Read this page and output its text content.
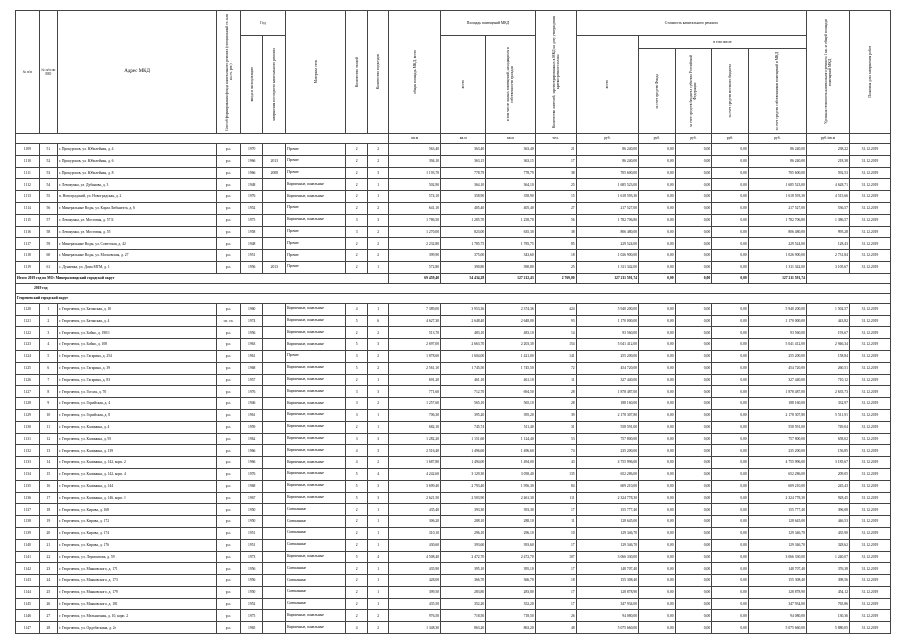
№ п/п	№ п/п по МО	Адрес МКД	Способ формирования фонда капитального ремонта (специальный сч. или на сч. рег.)	Год		Материал стен	Количество этажей	Количество подъездов	общая площадь МКД, всего	Площадь помещений МКД		Количество жителей, зарегистрированных в МКД на дату утверждения краткосрочного плана	Стоимость капитального ремонта					Удельная стоимость капитального ремонта 1 кв. м общей площади помещений МКД	Плановая дата завершения работ

				ввода в эксплуатацию	завершения последнего капитального ремонта					всего	в том числе жилых помещений, находящихся в собственности граждан		всего	в том числе					

														за счет средств Фонда	за счет средств бюджета субъекта Российской Федерации	за счет средств местного бюджета	за счет средств собственников помещений в МКД		

									кв.м	кв.м	кв.м	чел.	руб.	руб.	руб.	руб.	руб.	руб./кв.м	
1109	51	г. Прокурсков, ул. Юбилейная, д. 4	р.о.	1970		Прочие	2	2	563,40	363,40	363,40	21	86 240,00	0,00	0,00	0,00	86 240,00	238,22	31.12.2019
1110	52	г. Прокурсков, ул. Юбилейная, д. 6	р.о.	1966	2013	Прочие	2	2	394,10	363,15	363,15	17	86 240,00	0,00	0,00	0,00	86 240,00	218,38	31.12.2019
1111	53	г. Прокурсков, ул. Юбилейная, д. 8	р.о.	1966	2008	Прочие	2	3	1 193,70	778,79	778,79	38	705 600,00	0,00	0,00	0,00	705 600,00	592,53	31.12.2019
1112	54	г. Левокумка, ул. Дубянова, д. 3	р.о.	1948		Кирпичные, панельные	2	1	502,90	364,10	364,10	25	1 685 523,00	0,00	0,00	0,00	1 685 523,00	4 628,71	31.12.2019
1113	55	п. Новоградский, ул. Новоградская, д. 2	р.о.	1976		Кирпичные, панельные	2	1	574,10	358,90	358,90	15	1 618 593,30	0,00	0,00	0,00	1 618 593,30	4 515,66	31.12.2019
1114	56	г. Минеральные Воды, ул. Карла Либкнехта, д. 6	р.о.	1952		Прочие	2	2	641,10	405,40	405,40	27	217 527,00	0,00	0,00	0,00	217 527,00	536,57	31.12.2019
1115	57	г. Левокумка, ул. Мостовая, д. 57 Б	р.о.	1975		Кирпичные, панельные	3	3	1 786,50	1 285,70	1 258,70	56	1 782 706,80	0,00	0,00	0,00	1 782 706,80	1 386,57	31.12.2019
1116	58	г. Левокумка, ул. Мостовая, д. 55	р.о.	1958		Прочие	3	2	1 270,00	823,00	635,30	38	806 480,00	0,00	0,00	0,00	806 480,00	995,28	31.12.2019
1117	59	г. Минеральные Воды, ул. Советская, д. 42	р.о.	1948		Прочие	2	2	2 232,80	1 785,75	1 785,75	85	229 524,00	0,00	0,00	0,00	229 524,00	128,43	31.12.2019
1118	60	г. Минеральные Воды, ул. Московская, д. 27	р.о.	1951		Прочие	2	2	399,90	375,00	343,60	18	1 026 900,00	0,00	0,00	0,00	1 026 900,00	2 731,84	31.12.2019
1119	61	с. Дунаевка, ул. Дома МТМ, д. 1	р.о.	1956	2013	Прочие	2	1	572,80	390,80	390,80	25	1 311 342,00	0,00	0,00	0,00	1 311 342,00	3 105,67	31.12.2019
Итого 2019 год по МО: Минераловодский городской округ									69 459,40	54 434,28	127 212,43	2 769,00	127 211 591,74	0,00	0,00	0,00	127 211 591,74		
2019 год																			
Георгиевский городской округ																			
1120	1	г. Георгиевск, ул. Батакская, д. 10	р.о.	1960		Кирпичные, панельные	4	1	7 389,00	3 953,36	2 374,36	424	5 940 200,00	0,00	0,00	0,00	5 940 200,00	1 502,57	31.12.2019
1121	2	г. Георгиевск, ул. Батакская, д. 4	сп. сч.	1974		Кирпичные, панельные	5	6	4 627,30	2 648,40	2 648,00	93	1 170 000,00	0,00	0,00	0,00	1 170 000,00	443,82	31.12.2019
1122	3	г. Георгиевск, ул. Бойко, д. 190/1	р.о.	1956		Кирпичные, панельные	2	2	513,70	483,10	483,10	14	93 560,00	0,00	0,00	0,00	93 560,00	193,67	31.12.2019
1123	4	г. Георгиевск, ул. Бойко, д. 108	р.о.	1963		Кирпичные, панельные	5	3	2 697,00	2 663,70	2 203,30	154	5 041 412,00	0,00	0,00	0,00	5 041 412,00	2 946,34	31.12.2019
1124	5	г. Георгиевск, ул. Гагарина, д. 254	р.о.	1961		Прочие	3	2	1 878,60	1 604,00	1 421,00	141	255 200,00	0,00	0,00	0,00	255 200,00	158,84	31.12.2019
1125	6	г. Георгиевск, ул. Гагарина, д. 39	р.о.	1968		Кирпичные, панельные	5	2	2 561,10	1 745,50	1 745,50	72	454 720,00	0,00	0,00	0,00	454 720,00	260,51	31.12.2019
1126	7	г. Георгиевск, ул. Гагарина, д. 83	р.о.	1957		Кирпичные, панельные	2	1	691,20	461,10	461,10	11	327 440,00	0,00	0,00	0,00	327 440,00	710,12	31.12.2019
1127	8	г. Георгиевск, ул. Гоголя, д. 70	р.о.	1976		Кирпичные, панельные	3	3	771,60	712,70	694,50	28	1 878 487,00	0,00	0,00	0,00	1 878 487,00	2 635,73	31.12.2019
1128	9	г. Георгиевск, ул. Горийская, д. 4	р.о.	1946		Кирпичные, панельные	3	2	1 257,60	565,10	565,10	28	188 160,00	0,00	0,00	0,00	188 160,00	332,97	31.12.2019
1129	10	г. Георгиевск, ул. Горийская, д. 8	р.о.	1961		Кирпичные, панельные	3	1	706,30	395,20	395,20	39	2 178 307,80	0,00	0,00	0,00	2 178 307,80	5 511,91	31.12.2019
1130	11	г. Георгиевск, ул. Калинина, д. 4	р.о.	1959		Кирпичные, панельные	2	1	682,10	745,74	511,40	31	558 591,00	0,00	0,00	0,00	558 591,00	749,04	31.12.2019
1131	12	г. Георгиевск, ул. Калинина, д. 95	р.о.	1962		Кирпичные, панельные	3	3	1 282,20	1 151,60	1 124,40	53	757 800,00	0,00	0,00	0,00	757 800,00	658,02	31.12.2019
1132	13	г. Георгиевск, ул. Калинина, д. 139	р.о.	1966		Кирпичные, панельные	4	3	2 516,40	1 496,60	1 496,60	74	235 200,00	0,00	0,00	0,00	235 200,00	156,85	31.12.2019
1133	14	г. Георгиевск, ул. Калинина, д. 142, корп. 2	р.о.	1966		Кирпичные, панельные	4	2	1 687,80	1 494,00	1 494,00	43	4 755 996,00	0,00	0,00	0,00	4 755 996,00	3 185,67	31.12.2019
1134	15	г. Георгиевск, ул. Калинина, д. 142, корп. 4	р.о.	1976		Кирпичные, панельные	5	4	4 242,60	3 129,30	3 058,40	135	652 286,00	0,00	0,00	0,00	652 286,00	209,05	31.12.2019
1135	16	г. Георгиевск, ул. Калинина, д. 144	р.о.	1968		Кирпичные, панельные	5	3	3 699,40	2 793,40	1 956,30	84	609 210,00	0,00	0,00	0,00	609 210,00	245,43	31.12.2019
1136	17	г. Георгиевск, ул. Калинина, д. 146, корп. 1	р.о.	1967		Кирпичные, панельные	5	3	2 621,50	2 503,90	2 461,30	111	2 324 778,30	0,00	0,00	0,00	2 324 778,30	928,45	31.12.2019
1137	18	г. Георгиевск, ул. Кирова, д. 168	р.о.	1950		Смешанные	2	1	435,40	393,30	393,30	17	155 777,40	0,00	0,00	0,00	155 777,40	396,08	31.12.2019
1138	19	г. Георгиевск, ул. Кирова, д. 172	р.о.	1950		Смешанные	2	1	306,20	288,10	288,10	11	128 645,00	0,00	0,00	0,00	128 645,00	446,53	31.12.2019
1139	20	г. Георгиевск, ул. Кирова, д. 174	р.о.	1951		Смешанные	2	1	310,10	296,10	296,10	10	129 346,70	0,00	0,00	0,00	129 346,70	435,90	31.12.2019
1140	21	г. Георгиевск, ул. Кирова, д. 176	р.о.	1951		Смешанные	2	1	430,60	393,60	393,60	17	129 346,70	0,00	0,00	0,00	129 346,70	328,62	31.12.2019
1141	22	г. Георгиевск, ул. Лермонтова, д. 59	р.о.	1973		Кирпичные, панельные	5	4	4 508,40	2 472,70	2 472,70	107	3 066 330,00	0,00	0,00	0,00	3 066 330,00	1 240,07	31.12.2019
1142	23	г. Георгиевск, ул. Маяковского, д. 171	р.о.	1956		Смешанные	2	1	435,90	395,10	395,10	17	148 707,40	0,00	0,00	0,00	148 707,40	376,38	31.12.2019
1143	24	г. Георгиевск, ул. Маяковского, д. 173	р.о.	1956		Смешанные	2	1	428,00	366,70	366,70	18	155 308,40	0,00	0,00	0,00	155 308,40	398,56	31.12.2019
1144	25	г. Георгиевск, ул. Маяковского, д. 179	р.о.	1950		Смешанные	2	1	399,50	283,80	283,80	17	128 878,90	0,00	0,00	0,00	128 878,90	454,12	31.12.2019
1145	26	г. Георгиевск, ул. Маяковского, д. 181	р.о.	1952		Смешанные	2	1	435,50	352,20	352,20	17	347 934,00	0,00	0,00	0,00	347 934,00	765,86	31.12.2019
1146	27	г. Георгиевск, ул. Мельничная, д. 10, корп. 2	р.о.	1975		Кирпичные, панельные	2	2	976,50	718,50	718,50	26	94 080,00	0,00	0,00	0,00	94 080,00	130,36	31.12.2019
1147	28	г. Георгиевск, ул. Ордобаскина, д. 2г	р.о.	1965		Кирпичные, панельные	4	2	1 348,30	863,20	863,20	48	5 075 660,00	0,00	0,00	0,00	5 075 660,00	5 880,05	31.12.2019
